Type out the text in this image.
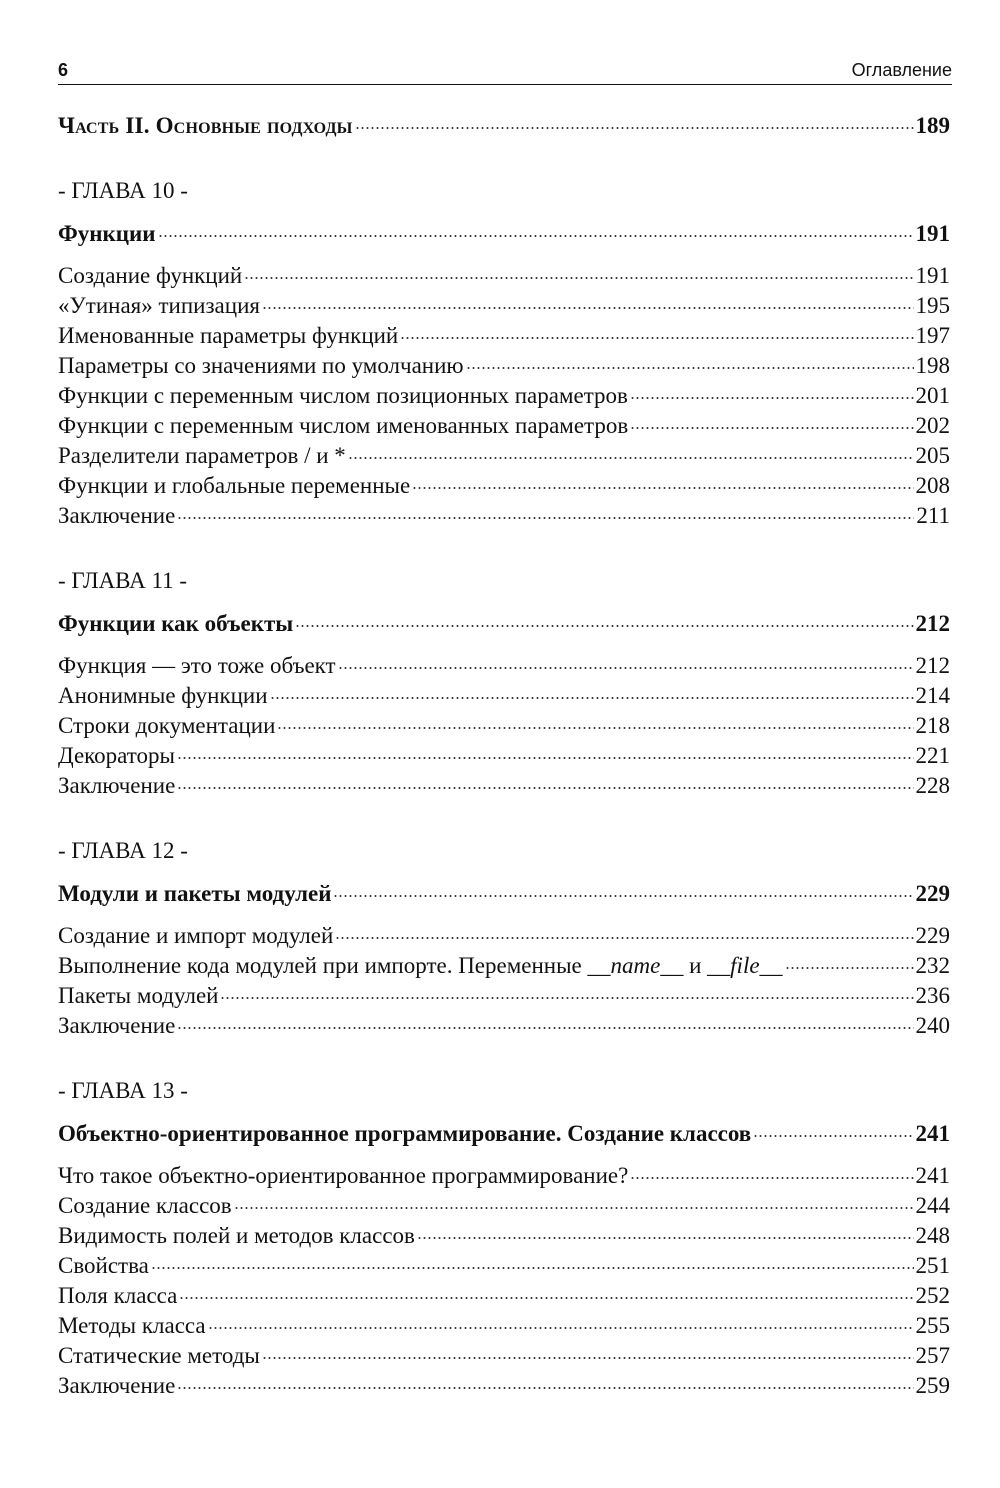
6	Оглавление
Часть II. Основные подходы	189
- ГЛАВА 10 -
Функции	191
Создание функций	191
«Утиная» типизация	195
Именованные параметры функций	197
Параметры со значениями по умолчанию	198
Функции с переменным числом позиционных параметров	201
Функции с переменным числом именованных параметров	202
Разделители параметров / и *	205
Функции и глобальные переменные	208
Заключение	211
- ГЛАВА 11 -
Функции как объекты	212
Функция — это тоже объект	212
Анонимные функции	214
Строки документации	218
Декораторы	221
Заключение	228
- ГЛАВА 12 -
Модули и пакеты модулей	229
Создание и импорт модулей	229
Выполнение кода модулей при импорте. Переменные __name__ и __file__	232
Пакеты модулей	236
Заключение	240
- ГЛАВА 13 -
Объектно-ориентированное программирование. Создание классов	241
Что такое объектно-ориентированное программирование?	241
Создание классов	244
Видимость полей и методов классов	248
Свойства	251
Поля класса	252
Методы класса	255
Статические методы	257
Заключение	259
